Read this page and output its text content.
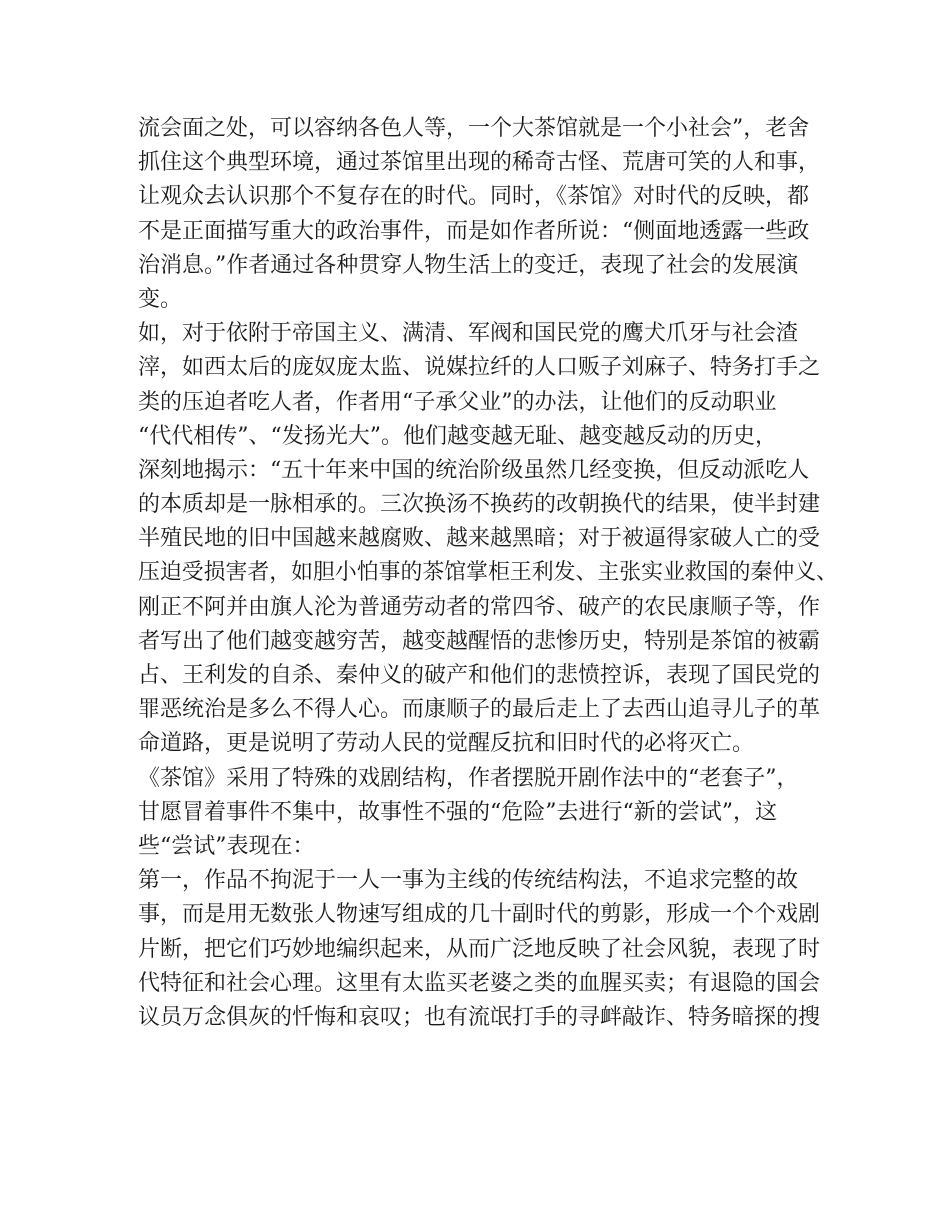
流会面之处，可以容纳各色人等，一个大茶馆就是一个小社会”，老舍
抓住这个典型环境，通过茶馆里出现的稀奇古怪、荒唐可笑的人和事，
让观众去认识那个不复存在的时代。同时，《茶馆》对时代的反映，都
不是正面描写重大的政治事件，而是如作者所说：“侧面地透露一些政
治消息。”作者通过各种贯穿人物生活上的变迁，表现了社会的发展演
变。
如，对于依附于帝国主义、满清、军阀和国民党的鹰犬爪牙与社会渣
滓，如西太后的庞奴庞太监、说媒拉纤的人口贩子刘麻子、特务打手之
类的压迫者吃人者，作者用“子承父业”的办法，让他们的反动职业
“代代相传”、“发扬光大”。他们越变越无耻、越变越反动的历史，
深刻地揭示：“五十年来中国的统治阶级虽然几经变换，但反动派吃人
的本质却是一脉相承的。三次换汤不换药的改朝换代的结果，使半封建
半殖民地的旧中国越来越腐败、越来越黑暗；对于被逼得家破人亡的受
压迫受损害者，如胆小怕事的茶馆掌柜王利发、主张实业救国的秦仲义、
刚正不阿并由旗人沦为普通劳动者的常四爷、破产的农民康顺子等，作
者写出了他们越变越穷苦，越变越醒悟的悲惨历史，特别是茶馆的被霸
占、王利发的自杀、秦仲义的破产和他们的悲愤控诉，表现了国民党的
罪恶统治是多么不得人心。而康顺子的最后走上了去西山追寻儿子的革
命道路，更是说明了劳动人民的觉醒反抗和旧时代的必将灭亡。
《茶馆》采用了特殊的戏剧结构，作者摆脱开剧作法中的“老套子”，
甘愿冒着事件不集中，故事性不强的“危险”去进行“新的尝试”，这
些“尝试”表现在：
第一，作品不拘泥于一人一事为主线的传统结构法，不追求完整的故
事，而是用无数张人物速写组成的几十副时代的剪影，形成一个个戏剧
片断，把它们巧妙地编织起来，从而广泛地反映了社会风貌，表现了时
代特征和社会心理。这里有太监买老婆之类的血腥买卖；有退隐的国会
议员万念俱灰的忏悔和哀叹；也有流氓打手的寻衅敲诈、特务暗探的搜
